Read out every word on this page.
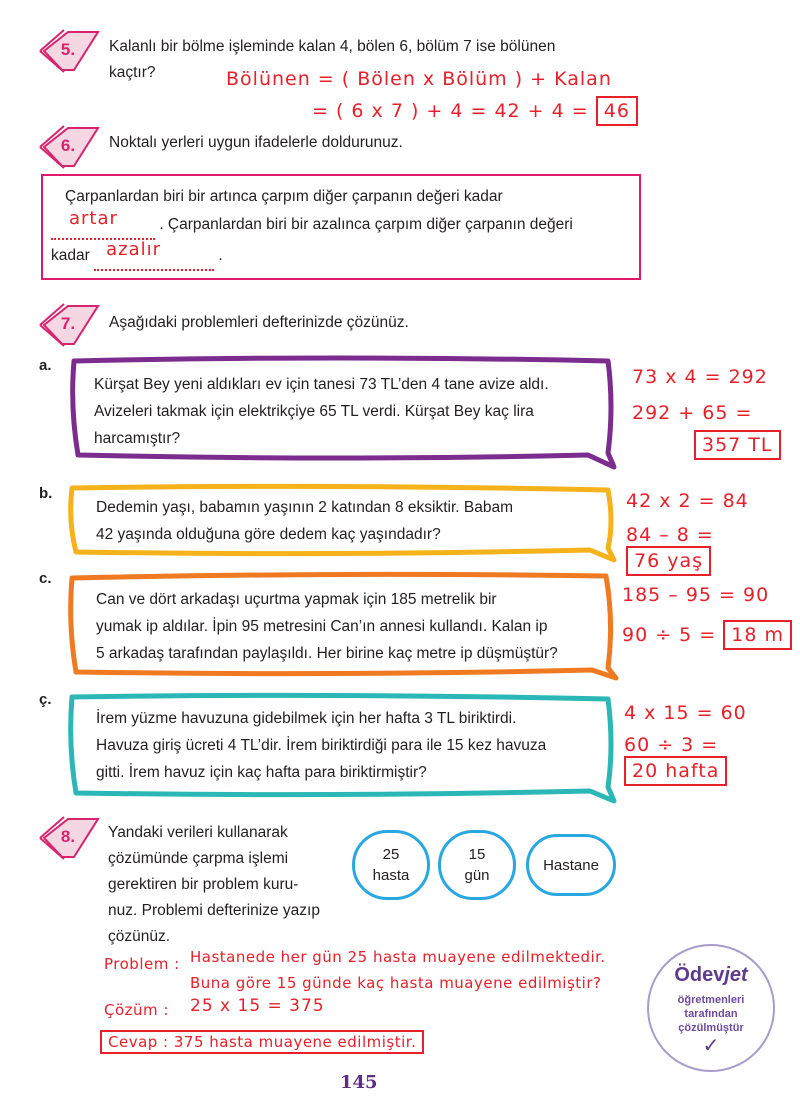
5.	Kalanlı bir bölme işleminde kalan 4, bölen 6, bölüm 7 ise bölünen
kaçtır?	Bölünen = ( Bölen x Bölüm ) + Kalan
= ( 6 x 7 ) + 4 = 42 + 4 = 46
6.	Noktalı yerleri uygun ifadelerle doldurunuz.
Çarpanlardan biri bir artınca çarpım diğer çarpanın değeri kadar
artar	. Çarpanlardan biri bir azalınca çarpım diğer çarpanın değeri
kadar azalır	.
7.	Aşağıdaki problemleri defterinizde çözünüz.
a.
Kürşat Bey yeni aldıkları ev için tanesi 73 TL’den 4 tane avize aldı.
Avizeleri takmak için elektrikçiye 65 TL verdi. Kürşat Bey kaç lira
harcamıştır?
73 x 4 = 292
292 + 65 =
357 TL
b.
Dedemin yaşı, babamın yaşının 2 katından 8 eksiktir. Babam
42 yaşında olduğuna göre dedem kaç yaşındadır?
42 x 2 = 84
84 – 8 = 76 yaş
c.
Can ve dört arkadaşı uçurtma yapmak için 185 metrelik bir
yumak ip aldılar. İpin 95 metresini Can’ın annesi kullandı. Kalan ip
5 arkadaş tarafından paylaşıldı. Her birine kaç metre ip düşmüştür?
185 – 95 = 90
90 ÷ 5 = 18 m
ç.
İrem yüzme havuzuna gidebilmek için her hafta 3 TL biriktirdi.
Havuza giriş ücreti 4 TL’dir. İrem biriktirdiği para ile 15 kez havuza
gitti. İrem havuz için kaç hafta para biriktirmiştir?
4 x 15 = 60
60 ÷ 3 = 20 hafta
8.	Yandaki verileri kullanarak
çözümünde çarpma işlemi
gerektiren bir problem kuru-
nuz. Problemi defterinize yazıp
çözünüz.
25
hasta
15
gün
Hastane
Problem : Hastanede her gün 25 hasta muayene edilmektedir.
Buna göre 15 günde kaç hasta muayene edilmiştir?
Çözüm : 25 x 15 = 375
Cevap : 375 hasta muayene edilmiştir.
Ödevjet
öğretmenleri
tarafından
çözülmüştür
✓
145
